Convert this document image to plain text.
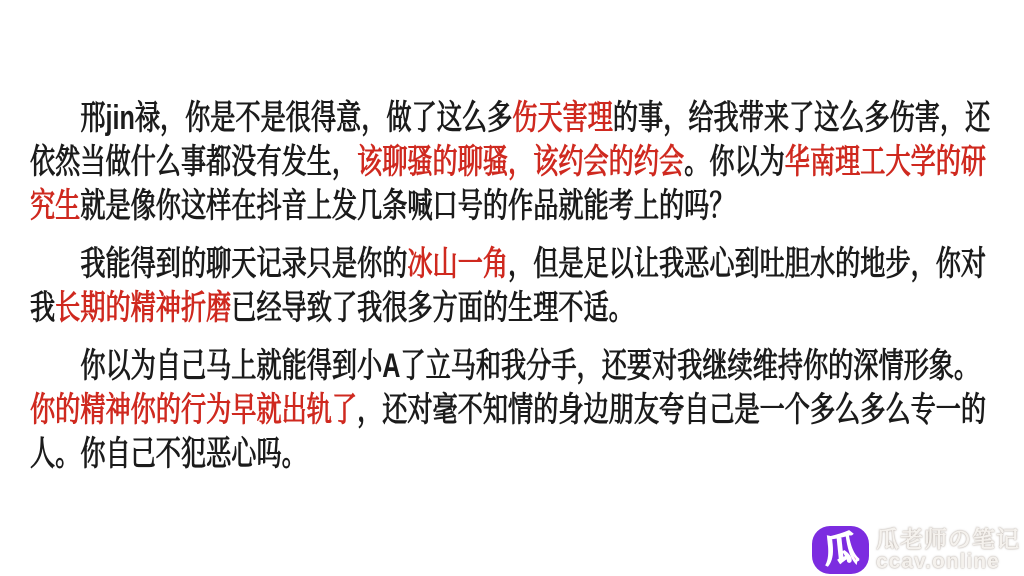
邢jin禄，你是不是很得意，做了这么多伤天害理的事，给我带来了这么多伤害，还依然当做什么事都没有发生，该聊骚的聊骚，该约会的约会。你以为华南理工大学的研究生就是像你这样在抖音上发几条喊口号的作品就能考上的吗？

我能得到的聊天记录只是你的冰山一角，但是足以让我恶心到吐胆水的地步，你对我长期的精神折磨已经导致了我很多方面的生理不适。

你以为自己马上就能得到小A了立马和我分手，还要对我继续维持你的深情形象。你的精神你的行为早就出轨了，还对毫不知情的身边朋友夸自己是一个多么多么专一的人。你自己不犯恶心吗。

瓜 瓜老师の笔记
ccav.online
